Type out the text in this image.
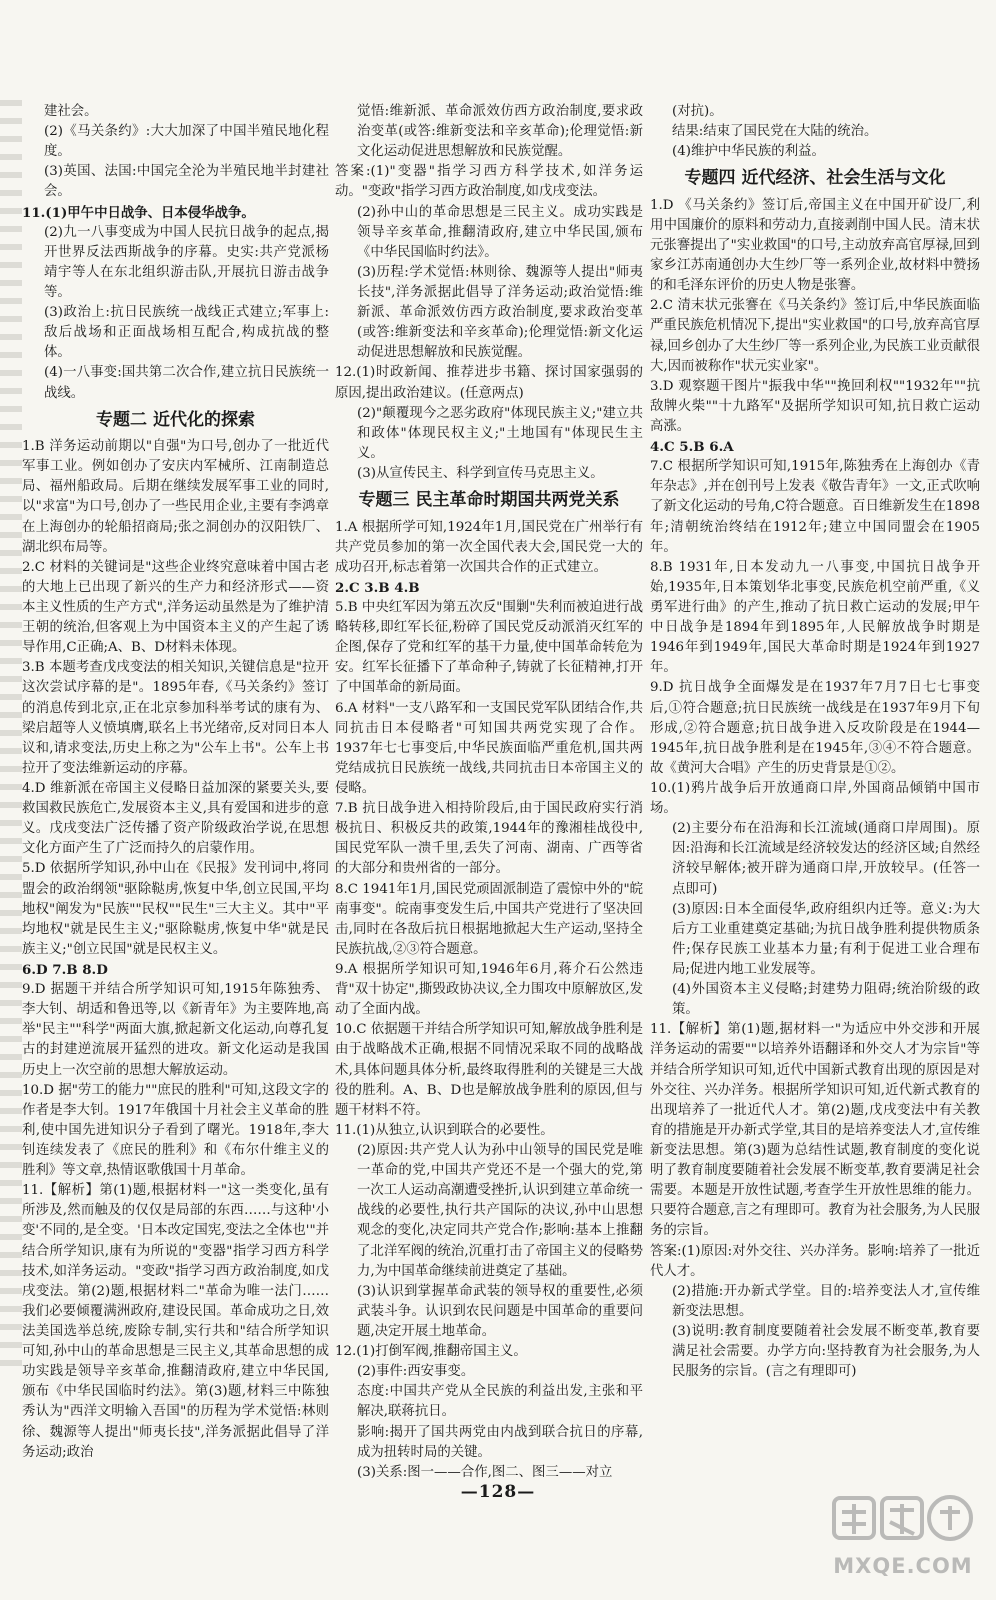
建社会。

(2)《马关条约》:大大加深了中国半殖民地化程度。

(3)英国、法国:中国完全沦为半殖民地半封建社会。

11.(1)甲午中日战争、日本侵华战争。

(2)九一八事变成为中国人民抗日战争的起点,揭开世界反法西斯战争的序幕。史实:共产党派杨靖宇等人在东北组织游击队,开展抗日游击战争等。

(3)政治上:抗日民族统一战线正式建立;军事上:敌后战场和正面战场相互配合,构成抗战的整体。

(4)一八事变:国共第二次合作,建立抗日民族统一战线。

专题二 近代化的探索

1.B 洋务运动前期以"自强"为口号,创办了一批近代军事工业。例如创办了安庆内军械所、江南制造总局、福州船政局。后期在继续发展军事工业的同时,以"求富"为口号,创办了一些民用企业,主要有李鸿章在上海创办的轮船招商局;张之洞创办的汉阳铁厂、湖北织布局等。

2.C 材料的关键词是"这些企业终究意味着中国古老的大地上已出现了新兴的生产力和经济形式——资本主义性质的生产方式",洋务运动虽然是为了维护清王朝的统治,但客观上为中国资本主义的产生起了诱导作用,C正确;A、B、D材料未体现。

3.B 本题考查戊戌变法的相关知识,关键信息是"拉开这次尝试序幕的是"。1895年春,《马关条约》签订的消息传到北京,正在北京参加科举考试的康有为、梁启超等人义愤填膺,联名上书光绪帝,反对同日本人议和,请求变法,历史上称之为"公车上书"。公车上书拉开了变法维新运动的序幕。

4.D 维新派在帝国主义侵略日益加深的紧要关头,要救国救民族危亡,发展资本主义,具有爱国和进步的意义。戊戌变法广泛传播了资产阶级政治学说,在思想文化方面产生了广泛而持久的启蒙作用。

5.D 依据所学知识,孙中山在《民报》发刊词中,将同盟会的政治纲领"驱除鞑虏,恢复中华,创立民国,平均地权"阐发为"民族""民权""民生"三大主义。其中"平均地权"就是民生主义;"驱除鞑虏,恢复中华"就是民族主义;"创立民国"就是民权主义。

6.D 7.B 8.D

9.D 据题干并结合所学知识可知,1915年陈独秀、李大钊、胡适和鲁迅等,以《新青年》为主要阵地,高举"民主""科学"两面大旗,掀起新文化运动,向尊孔复古的封建逆流展开猛烈的进攻。新文化运动是我国历史上一次空前的思想大解放运动。

10.D 据"劳工的能力""庶民的胜利"可知,这段文字的作者是李大钊。1917年俄国十月社会主义革命的胜利,使中国先进知识分子看到了曙光。1918年,李大钊连续发表了《庶民的胜利》和《布尔什维主义的胜利》等文章,热情讴歌俄国十月革命。

11.【解析】第(1)题,根据材料一"这一类变化,虽有所涉及,然而触及的仅仅是局部的东西……与这种'小变'不同的,是全变。'日本改定国宪,变法之全体也'"并结合所学知识,康有为所说的"变器"指学习西方科学技术,如洋务运动。"变政"指学习西方政治制度,如戊戌变法。第(2)题,根据材料二"革命为唯一法门……我们必要倾覆满洲政府,建设民国。革命成功之日,效法美国选举总统,废除专制,实行共和"结合所学知识可知,孙中山的革命思想是三民主义,其革命思想的成功实践是领导辛亥革命,推翻清政府,建立中华民国,颁布《中华民国临时约法》。第(3)题,材料三中陈独秀认为"西洋文明输入吾国"的历程为学术觉悟:林则徐、魏源等人提出"师夷长技",洋务派据此倡导了洋务运动;政治

觉悟:维新派、革命派效仿西方政治制度,要求政治变革(或答:维新变法和辛亥革命);伦理觉悟:新文化运动促进思想解放和民族觉醒。

答案:(1)"变器"指学习西方科学技术,如洋务运动。"变政"指学习西方政治制度,如戊戌变法。

(2)孙中山的革命思想是三民主义。成功实践是领导辛亥革命,推翻清政府,建立中华民国,颁布《中华民国临时约法》。

(3)历程:学术觉悟:林则徐、魏源等人提出"师夷长技",洋务派据此倡导了洋务运动;政治觉悟:维新派、革命派效仿西方政治制度,要求政治变革(或答:维新变法和辛亥革命);伦理觉悟:新文化运动促进思想解放和民族觉醒。

12.(1)时政新闻、推荐进步书籍、探讨国家强弱的原因,提出政治建议。(任意两点)

(2)"颠覆现今之恶劣政府"体现民族主义;"建立共和政体"体现民权主义;"土地国有"体现民生主义。

(3)从宣传民主、科学到宣传马克思主义。

专题三 民主革命时期国共两党关系

1.A 根据所学可知,1924年1月,国民党在广州举行有共产党员参加的第一次全国代表大会,国民党一大的成功召开,标志着第一次国共合作的正式建立。

2.C 3.B 4.B

5.B 中央红军因为第五次反"围剿"失利而被迫进行战略转移,即红军长征,粉碎了国民党反动派消灭红军的企图,保存了党和红军的基干力量,使中国革命转危为安。红军长征播下了革命种子,铸就了长征精神,打开了中国革命的新局面。

6.A 材料"一支八路军和一支国民党军队团结合作,共同抗击日本侵略者"可知国共两党实现了合作。1937年七七事变后,中华民族面临严重危机,国共两党结成抗日民族统一战线,共同抗击日本帝国主义的侵略。

7.B 抗日战争进入相持阶段后,由于国民政府实行消极抗日、积极反共的政策,1944年的豫湘桂战役中,国民党军队一溃千里,丢失了河南、湖南、广西等省的大部分和贵州省的一部分。

8.C 1941年1月,国民党顽固派制造了震惊中外的"皖南事变"。皖南事变发生后,中国共产党进行了坚决回击,同时在各敌后抗日根据地掀起大生产运动,坚持全民族抗战,②③符合题意。

9.A 根据所学知识可知,1946年6月,蒋介石公然违背"双十协定",撕毁政协决议,全力围攻中原解放区,发动了全面内战。

10.C 依据题干并结合所学知识可知,解放战争胜利是由于战略战术正确,根据不同情况采取不同的战略战术,具体问题具体分析,最终取得胜利的关键是三大战役的胜利。A、B、D也是解放战争胜利的原因,但与题干材料不符。

11.(1)从独立,认识到联合的必要性。

(2)原因:共产党人认为孙中山领导的国民党是唯一革命的党,中国共产党还不是一个强大的党,第一次工人运动高潮遭受挫折,认识到建立革命统一战线的必要性,执行共产国际的决议,孙中山思想观念的变化,决定同共产党合作;影响:基本上推翻了北洋军阀的统治,沉重打击了帝国主义的侵略势力,为中国革命继续前进奠定了基础。

(3)认识到掌握革命武装的领导权的重要性,必须武装斗争。认识到农民问题是中国革命的重要问题,决定开展土地革命。

12.(1)打倒军阀,推翻帝国主义。

(2)事件:西安事变。

态度:中国共产党从全民族的利益出发,主张和平解决,联蒋抗日。

影响:揭开了国共两党由内战到联合抗日的序幕,成为扭转时局的关键。

(3)关系:图一——合作,图二、图三——对立

(对抗)。

结果:结束了国民党在大陆的统治。

(4)维护中华民族的利益。

专题四 近代经济、社会生活与文化

1.D 《马关条约》签订后,帝国主义在中国开矿设厂,利用中国廉价的原料和劳动力,直接剥削中国人民。清末状元张謇提出了"实业救国"的口号,主动放弃高官厚禄,回到家乡江苏南通创办大生纱厂等一系列企业,故材料中赞扬的和毛泽东评价的历史人物是张謇。

2.C 清末状元张謇在《马关条约》签订后,中华民族面临严重民族危机情况下,提出"实业救国"的口号,放弃高官厚禄,回乡创办了大生纱厂等一系列企业,为民族工业贡献很大,因而被称作"状元实业家"。

3.D 观察题干图片"振我中华""挽回利权""1932年""抗敌牌火柴""十九路军"及据所学知识可知,抗日救亡运动高涨。

4.C 5.B 6.A

7.C 根据所学知识可知,1915年,陈独秀在上海创办《青年杂志》,并在创刊号上发表《敬告青年》一文,正式吹响了新文化运动的号角,C符合题意。百日维新发生在1898年;清朝统治终结在1912年;建立中国同盟会在1905年。

8.B 1931年,日本发动九一八事变,中国抗日战争开始,1935年,日本策划华北事变,民族危机空前严重,《义勇军进行曲》的产生,推动了抗日救亡运动的发展;甲午中日战争是1894年到1895年,人民解放战争时期是1946年到1949年,国民大革命时期是1924年到1927年。

9.D 抗日战争全面爆发是在1937年7月7日七七事变后,①符合题意;抗日民族统一战线是在1937年9月下旬形成,②符合题意;抗日战争进入反攻阶段是在1944—1945年,抗日战争胜利是在1945年,③④不符合题意。故《黄河大合唱》产生的历史背景是①②。

10.(1)鸦片战争后开放通商口岸,外国商品倾销中国市场。

(2)主要分布在沿海和长江流域(通商口岸周围)。原因:沿海和长江流域是经济较发达的经济区域;自然经济较早解体;被开辟为通商口岸,开放较早。(任答一点即可)

(3)原因:日本全面侵华,政府组织内迁等。意义:为大后方工业重建奠定基础;为抗日战争胜利提供物质条件;保存民族工业基本力量;有利于促进工业合理布局;促进内地工业发展等。

(4)外国资本主义侵略;封建势力阻碍;统治阶级的政策。

11.【解析】第(1)题,据材料一"为适应中外交涉和开展洋务运动的需要""以培养外语翻译和外交人才为宗旨"等并结合所学知识可知,近代中国新式教育出现的原因是对外交往、兴办洋务。根据所学知识可知,近代新式教育的出现培养了一批近代人才。第(2)题,戊戌变法中有关教育的措施是开办新式学堂,其目的是培养变法人才,宣传维新变法思想。第(3)题为总结性试题,教育制度的变化说明了教育制度要随着社会发展不断变革,教育要满足社会需要。本题是开放性试题,考查学生开放性思维的能力。只要符合题意,言之有理即可。教育为社会服务,为人民服务的宗旨。

答案:(1)原因:对外交往、兴办洋务。影响:培养了一批近代人才。

(2)措施:开办新式学堂。目的:培养变法人才,宣传维新变法思想。

(3)说明:教育制度要随着社会发展不断变革,教育要满足社会需要。办学方向:坚持教育为社会服务,为人民服务的宗旨。(言之有理即可)

—128—
MXQE.COM
